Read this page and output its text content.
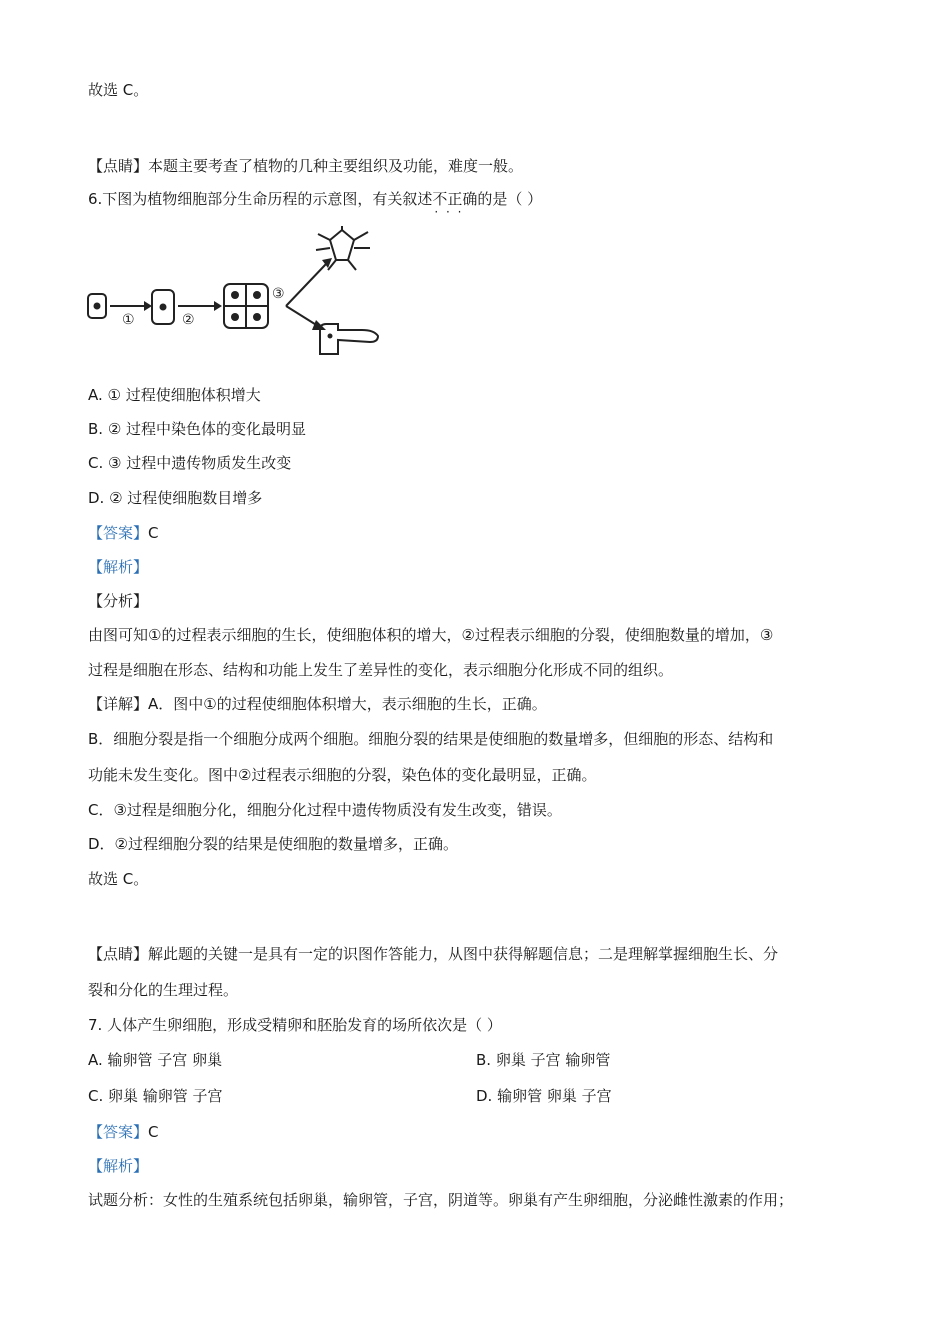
故选 C。
【点睛】本题主要考查了植物的几种主要组织及功能，难度一般。
6.下图为植物细胞部分生命历程的示意图，有关叙述不正确 · · ·的是（ ）
①	②
③
A. ① 过程使细胞体积增大
B. ② 过程中染色体的变化最明显
C. ③ 过程中遗传物质发生改变
D. ② 过程使细胞数目增多
【答案】C
【解析】
【分析】
由图可知①的过程表示细胞的生长，使细胞体积的增大，②过程表示细胞的分裂，使细胞数量的增加，③
过程是细胞在形态、结构和功能上发生了差异性的变化，表示细胞分化形成不同的组织。
【详解】A．图中①的过程使细胞体积增大，表示细胞的生长，正确。
B．细胞分裂是指一个细胞分成两个细胞。细胞分裂的结果是使细胞的数量增多，但细胞的形态、结构和
功能未发生变化。图中②过程表示细胞的分裂，染色体的变化最明显，正确。
C．③过程是细胞分化，细胞分化过程中遗传物质没有发生改变，错误。
D．②过程细胞分裂的结果是使细胞的数量增多，正确。
故选 C。
【点睛】解此题的关键一是具有一定的识图作答能力，从图中获得解题信息；二是理解掌握细胞生长、分
裂和分化的生理过程。
7. 人体产生卵细胞，形成受精卵和胚胎发育的场所依次是（ ）
A. 输卵管 子宫 卵巢	B. 卵巢 子宫 输卵管
C. 卵巢 输卵管 子宫	D. 输卵管 卵巢 子宫
【答案】C
【解析】
试题分析：女性的生殖系统包括卵巢，输卵管，子宫，阴道等。卵巢有产生卵细胞，分泌雌性激素的作用；
